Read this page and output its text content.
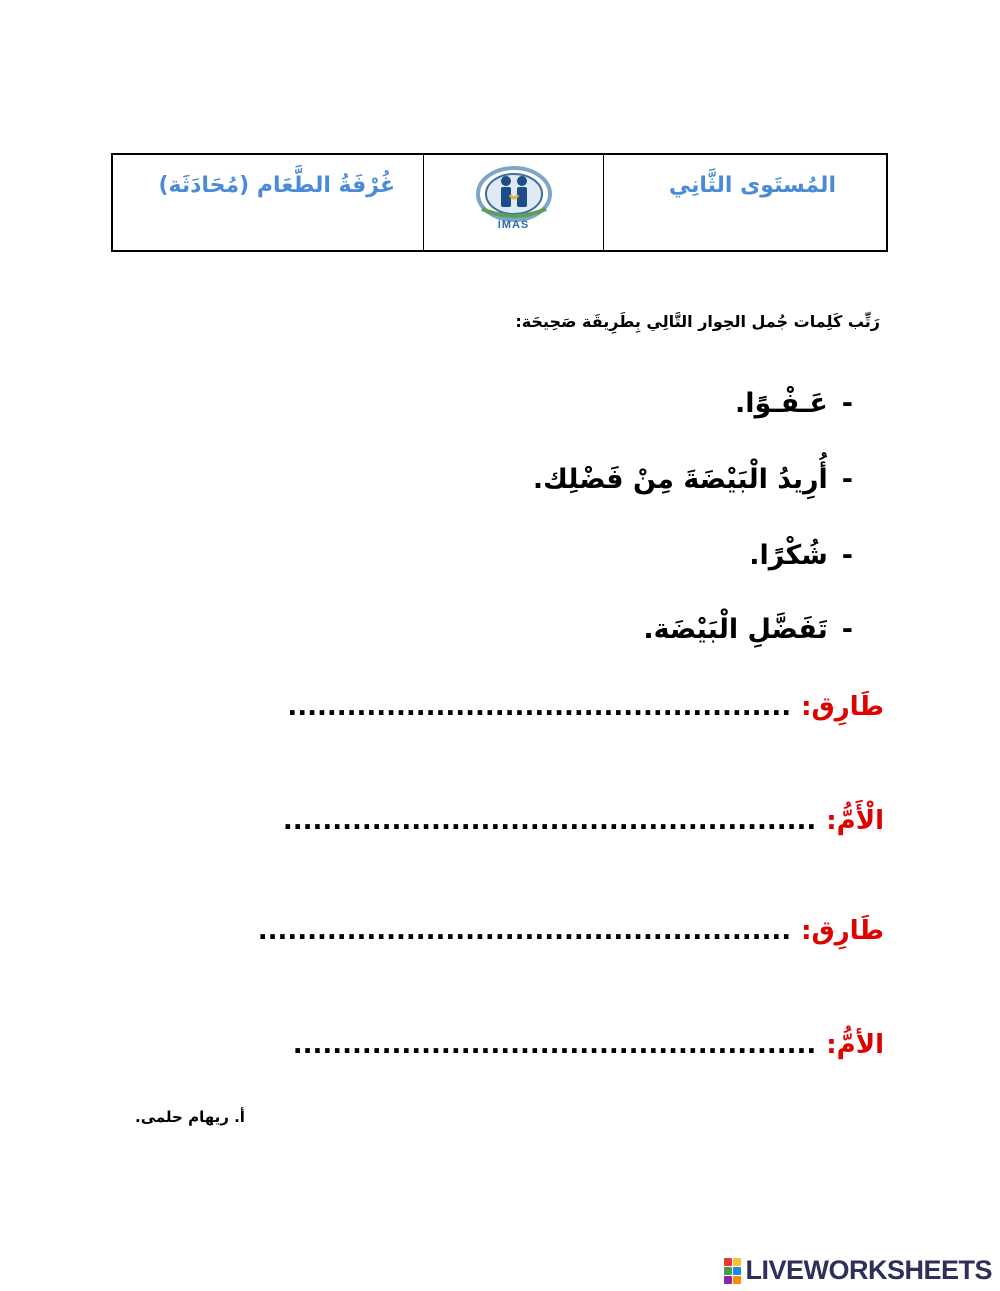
غُرْفَةُ الطَّعَام (مُحَادَثَة)
IMAS
المُستَوى الثَّانِي
رَتِّب كَلِمات جُمل الحِوار التَّالِي بِطَرِيقَة صَحِيحَة:
-عَـفْـوًا.
-أُرِيدُ الْبَيْضَةَ مِنْ فَضْلِك.
-شُكْرًا.
-تَفَضَّلِ الْبَيْضَة.
طَارِق:...................................................
الْأَمُّ:......................................................
طَارِق:......................................................
الأمُّ:.....................................................
أ. ريهام حلمى.
LIVEWORKSHEETS
